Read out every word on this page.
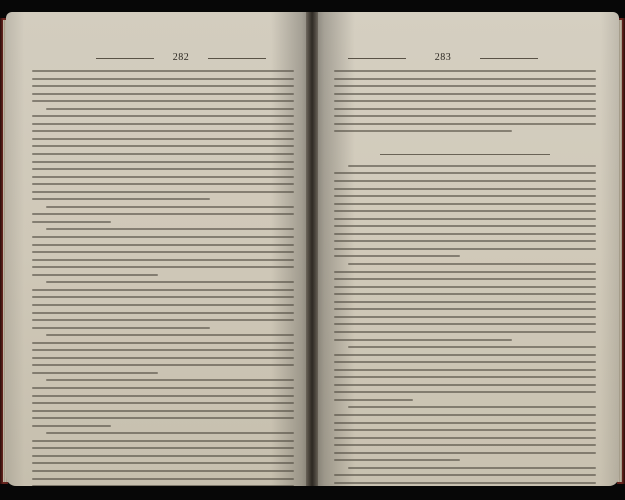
282	283
